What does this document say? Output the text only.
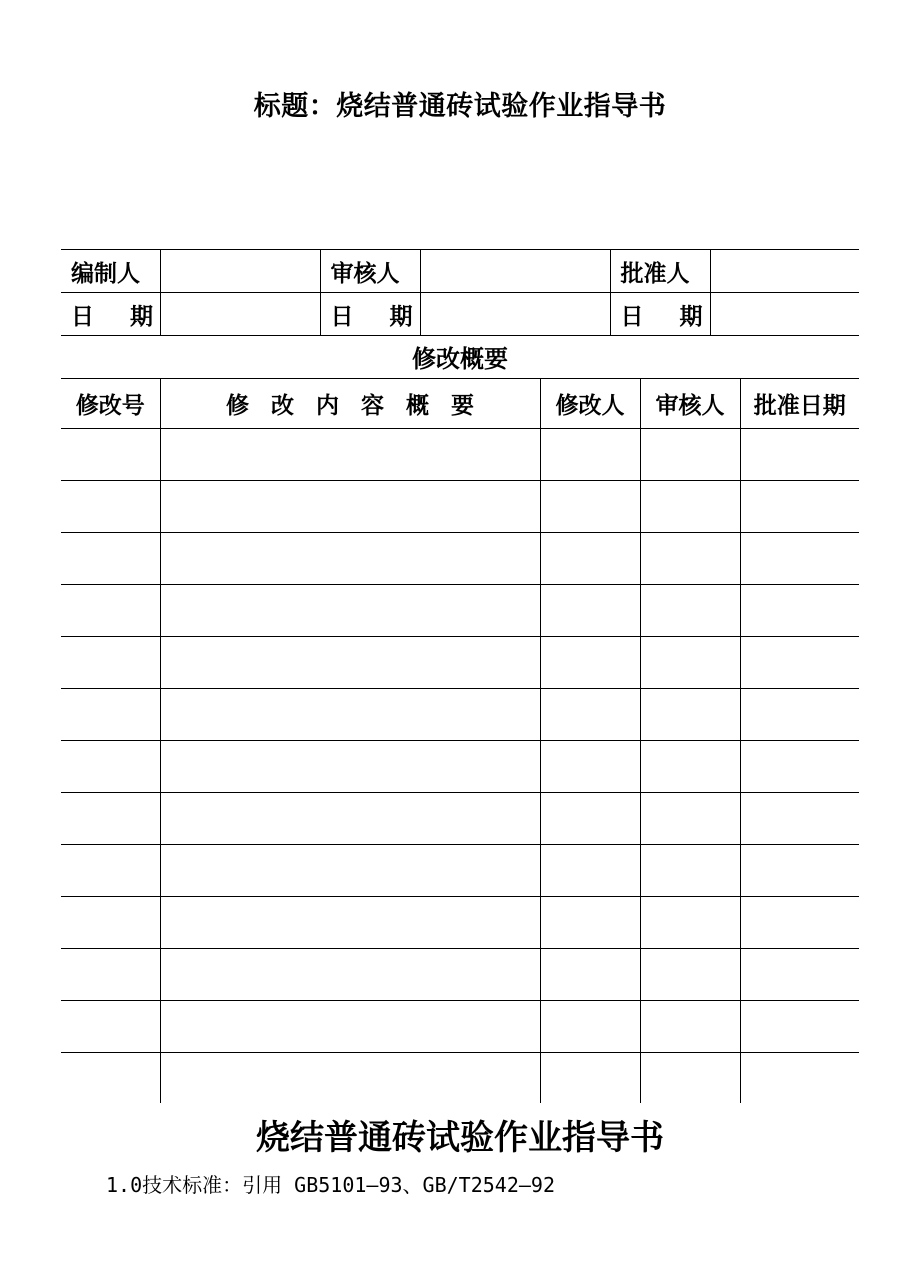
标题：烧结普通砖试验作业指导书
编制人		审核人		批准人	
日 期		日 期		日 期	
修改概要				
修改号	修改内容概要	修改人	审核人	批准日期

烧结普通砖试验作业指导书
1.0技术标准：引用 GB5101—93、GB/T2542—92
